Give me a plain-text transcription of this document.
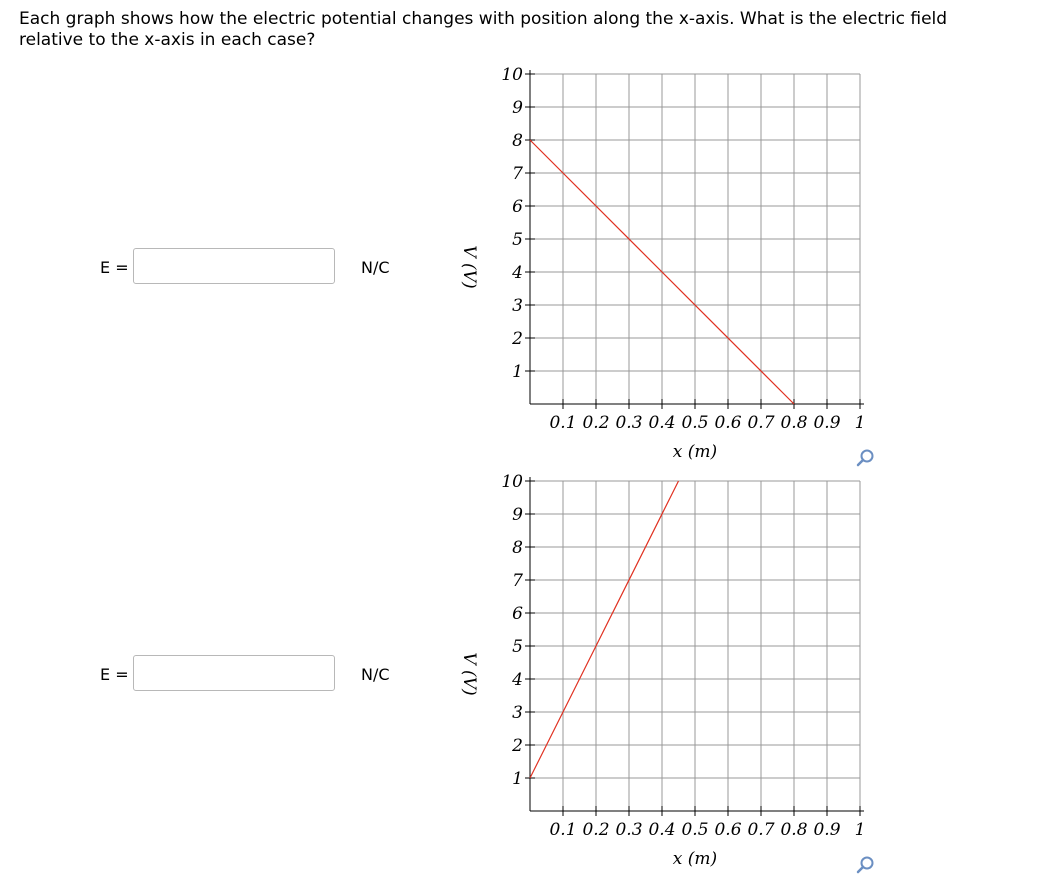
Each graph shows how the electric potential changes with position along the x-axis. What is the electric field relative to the x-axis in each case?

E =	N/C
E =	N/C
1
2
3
4
5
6
7
8
9
10
0.1 0.2 0.3 0.4 0.5 0.6 0.7 0.8 0.9 1
x (m)
V (V)
1
2
3
4
5
6
7
8
9
10
0.1 0.2 0.3 0.4 0.5 0.6 0.7 0.8 0.9 1
x (m)
V (V)
